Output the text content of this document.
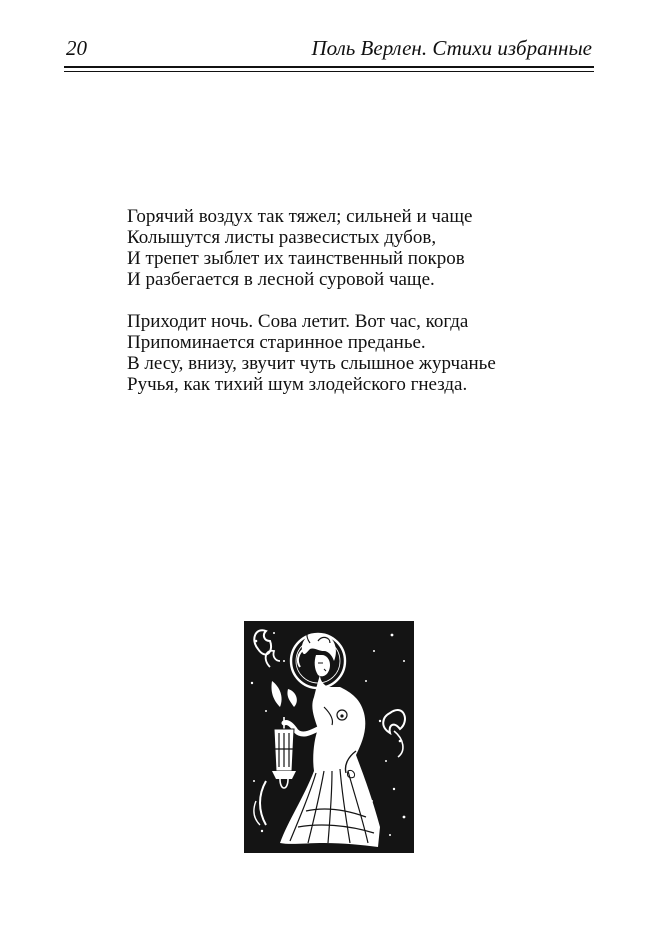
20	Поль Верлен. Стихи избранные
Горячий воздух так тяжел; сильней и чаще
Колышутся листы развесистых дубов,
И трепет зыблет их таинственный покров
И разбегается в лесной суровой чаще.
Приходит ночь. Сова летит. Вот час, когда
Припоминается старинное преданье.
В лесу, внизу, звучит чуть слышное журчанье
Ручья, как тихий шум злодейского гнезда.
